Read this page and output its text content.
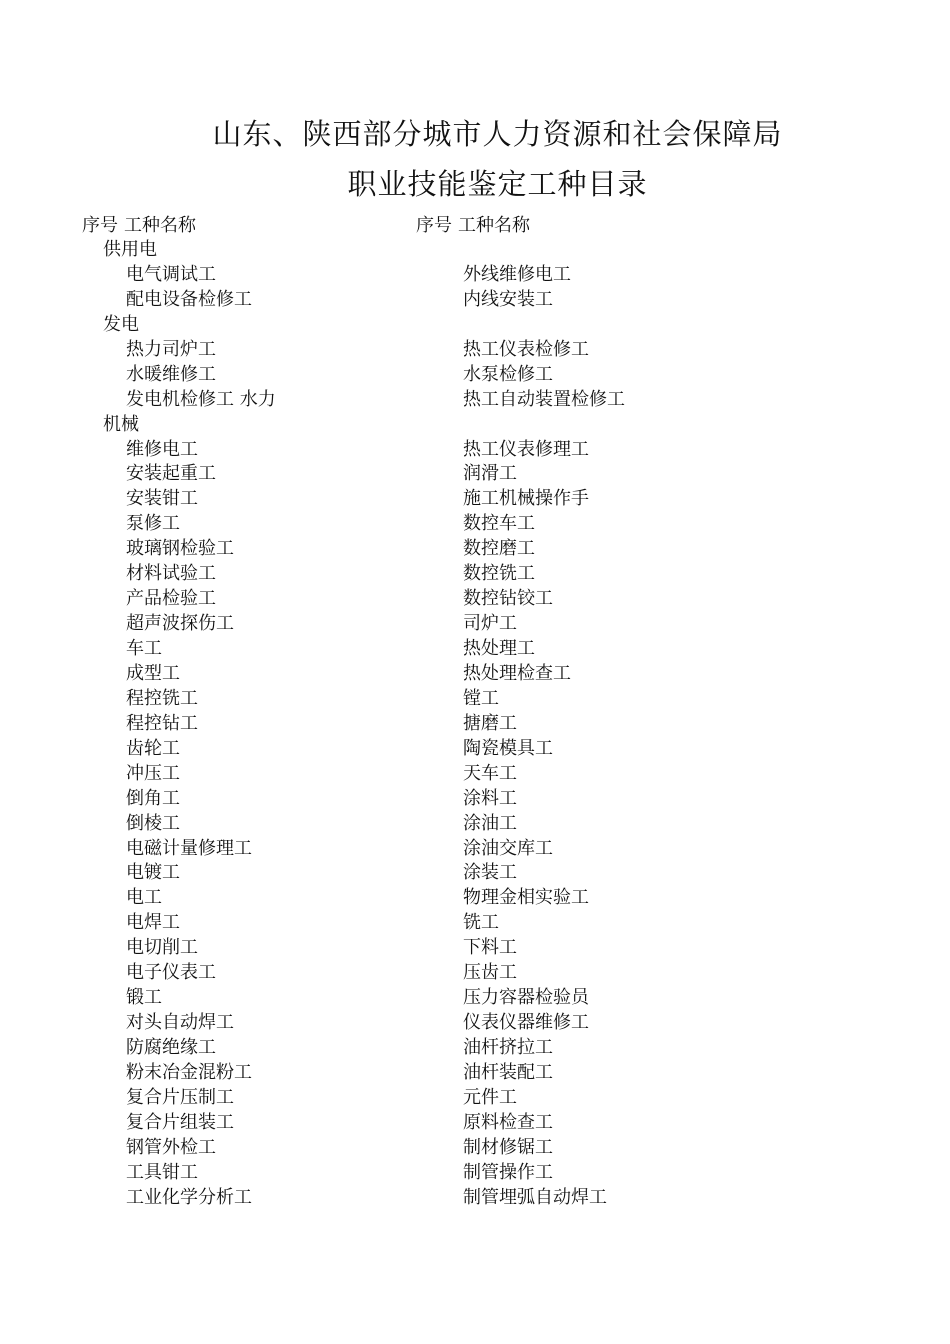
山东、陕西部分城市人力资源和社会保障局
职业技能鉴定工种目录
序号 工种名称	序号 工种名称
供用电
电气调试工	外线维修电工
配电设备检修工	内线安装工
发电
热力司炉工	热工仪表检修工
水暖维修工	水泵检修工
发电机检修工 水力	热工自动装置检修工
机械
维修电工	热工仪表修理工
安装起重工	润滑工
安装钳工	施工机械操作手
泵修工	数控车工
玻璃钢检验工	数控磨工
材料试验工	数控铣工
产品检验工	数控钻铰工
超声波探伤工	司炉工
车工	热处理工
成型工	热处理检查工
程控铣工	镗工
程控钻工	搪磨工
齿轮工	陶瓷模具工
冲压工	天车工
倒角工	涂料工
倒棱工	涂油工
电磁计量修理工	涂油交库工
电镀工	涂装工
电工	物理金相实验工
电焊工	铣工
电切削工	下料工
电子仪表工	压齿工
锻工	压力容器检验员
对头自动焊工	仪表仪器维修工
防腐绝缘工	油杆挤拉工
粉末冶金混粉工	油杆装配工
复合片压制工	元件工
复合片组装工	原料检查工
钢管外检工	制材修锯工
工具钳工	制管操作工
工业化学分析工	制管埋弧自动焊工
